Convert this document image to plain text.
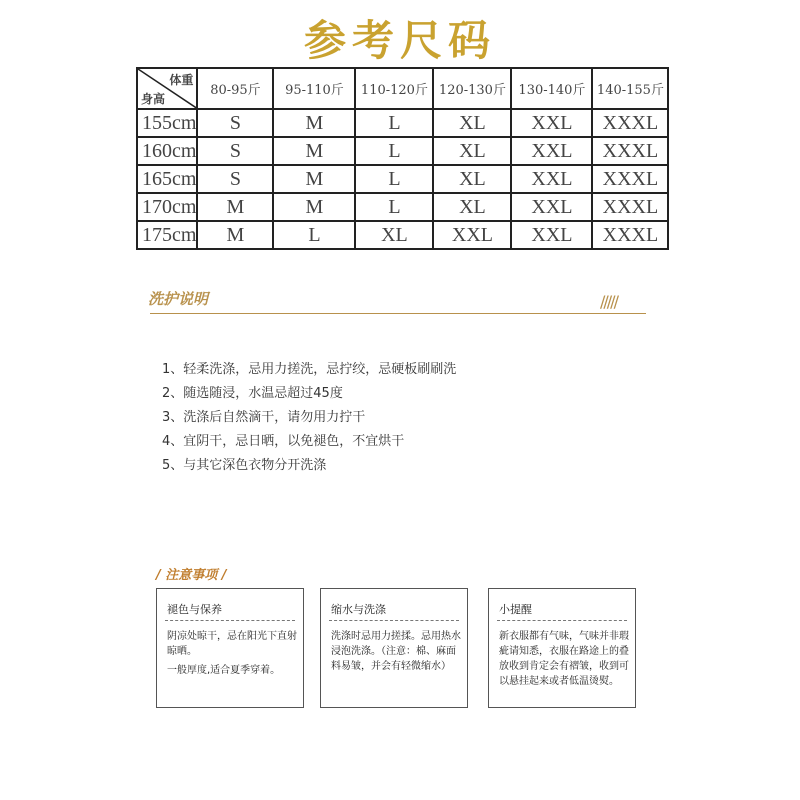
参考尺码
体重
身高	80-95斤	95-110斤	110-120斤	120-130斤	130-140斤	140-155斤
155cm	S	M	L	XL	XXL	XXXL
160cm	S	M	L	XL	XXL	XXXL
165cm	S	M	L	XL	XXL	XXXL
170cm	M	M	L	XL	XXL	XXXL
175cm	M	L	XL	XXL	XXL	XXXL
洗护说明	/////
1、轻柔洗涤，忌用力搓洗，忌拧绞，忌硬板刷刷洗
2、随选随浸，水温忌超过45度
3、洗涤后自然滴干，请勿用力拧干
4、宜阴干，忌日晒，以免褪色，不宜烘干
5、与其它深色衣物分开洗涤
/ 注意事项 /
褪色与保养

阴凉处晾干，忌在阳光下直射晾晒。

一般厚度,适合夏季穿着。

缩水与洗涤

洗涤时忌用力搓揉。忌用热水浸泡洗涤。（注意：棉、麻面料易皱，并会有轻微缩水）

小提醒

新衣服都有气味，气味并非瑕疵请知悉，衣服在路途上的叠放收到肯定会有褶皱，收到可以悬挂起来或者低温烫熨。
